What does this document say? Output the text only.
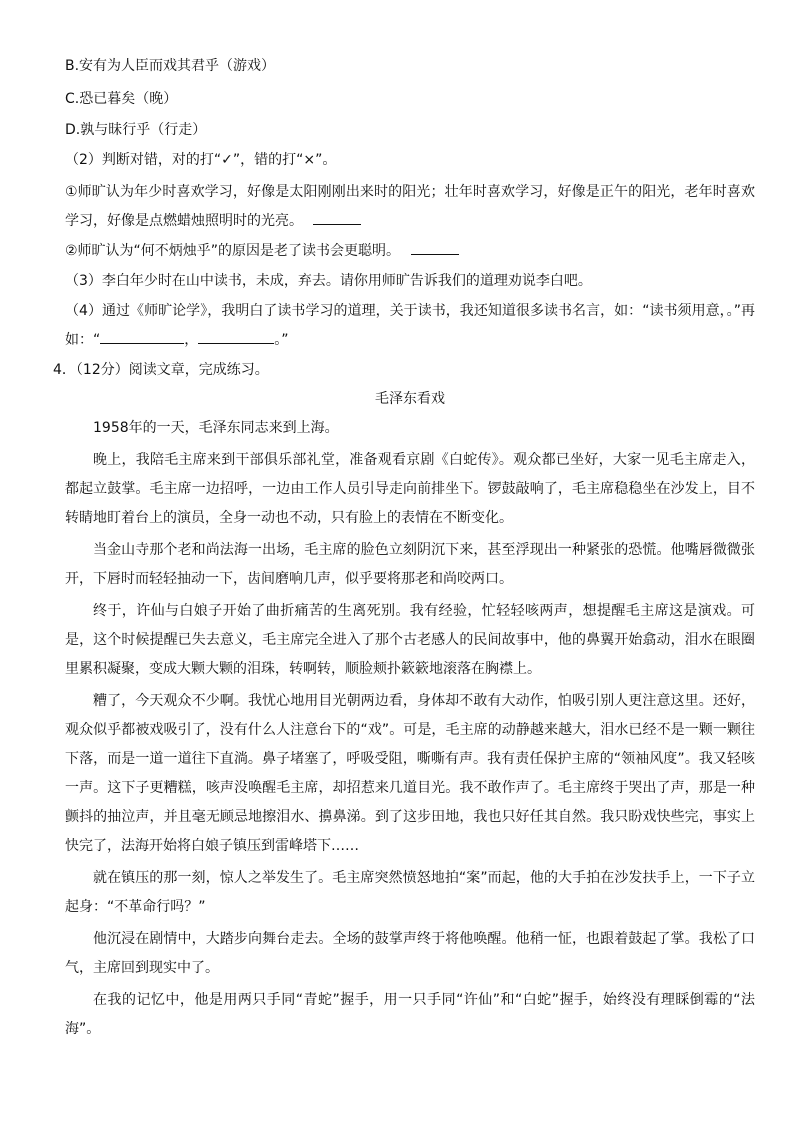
B.安有为人臣而戏其君乎（游戏）
C.恐已暮矣（晚）
D.孰与昧行乎（行走）
（2）判断对错，对的打“✓”，错的打“×”。

①师旷认为年少时喜欢学习，好像是太阳刚刚出来时的阳光；壮年时喜欢学习，好像是正午的阳光，老年时喜欢学习，好像是点燃蜡烛照明时的光亮。

②师旷认为“何不炳烛乎”的原因是老了读书会更聪明。

（3）李白年少时在山中读书，未成，弃去。请你用师旷告诉我们的道理劝说李白吧。

（4）通过《师旷论学》，我明白了读书学习的道理，关于读书，我还知道很多读书名言，如：“读书须用意，。”再如：“	，	。”

4．（12分）阅读文章，完成练习。

毛泽东看戏

1958年的一天，毛泽东同志来到上海。

晚上，我陪毛主席来到干部俱乐部礼堂，准备观看京剧《白蛇传》。观众都已坐好，大家一见毛主席走入，都起立鼓掌。毛主席一边招呼，一边由工作人员引导走向前排坐下。锣鼓敲响了，毛主席稳稳坐在沙发上，目不转睛地盯着台上的演员，全身一动也不动，只有脸上的表情在不断变化。

当金山寺那个老和尚法海一出场，毛主席的脸色立刻阴沉下来，甚至浮现出一种紧张的恐慌。他嘴唇微微张开，下唇时而轻轻抽动一下，齿间磨响几声，似乎要将那老和尚咬两口。

终于，许仙与白娘子开始了曲折痛苦的生离死别。我有经验，忙轻轻咳两声，想提醒毛主席这是演戏。可是，这个时候提醒已失去意义，毛主席完全进入了那个古老感人的民间故事中，他的鼻翼开始翕动，泪水在眼圈里累积凝聚，变成大颗大颗的泪珠，转啊转，顺脸颊扑簌簌地滚落在胸襟上。

糟了，今天观众不少啊。我忧心地用目光朝两边看，身体却不敢有大动作，怕吸引别人更注意这里。还好，观众似乎都被戏吸引了，没有什么人注意台下的“戏”。可是，毛主席的动静越来越大，泪水已经不是一颗一颗往下落，而是一道一道往下直淌。鼻子堵塞了，呼吸受阻，嘶嘶有声。我有责任保护主席的“领袖风度”。我又轻咳一声。这下子更糟糕，咳声没唤醒毛主席，却招惹来几道目光。我不敢作声了。毛主席终于哭出了声，那是一种颤抖的抽泣声，并且毫无顾忌地擦泪水、擤鼻涕。到了这步田地，我也只好任其自然。我只盼戏快些完，事实上快完了，法海开始将白娘子镇压到雷峰塔下……

就在镇压的那一刻，惊人之举发生了。毛主席突然愤怒地拍“案”而起，他的大手拍在沙发扶手上，一下子立起身：“不革命行吗？”

他沉浸在剧情中，大踏步向舞台走去。全场的鼓掌声终于将他唤醒。他稍一怔，也跟着鼓起了掌。我松了口气，主席回到现实中了。

在我的记忆中，他是用两只手同“青蛇”握手，用一只手同“许仙”和“白蛇”握手，始终没有理睬倒霉的“法海”。
